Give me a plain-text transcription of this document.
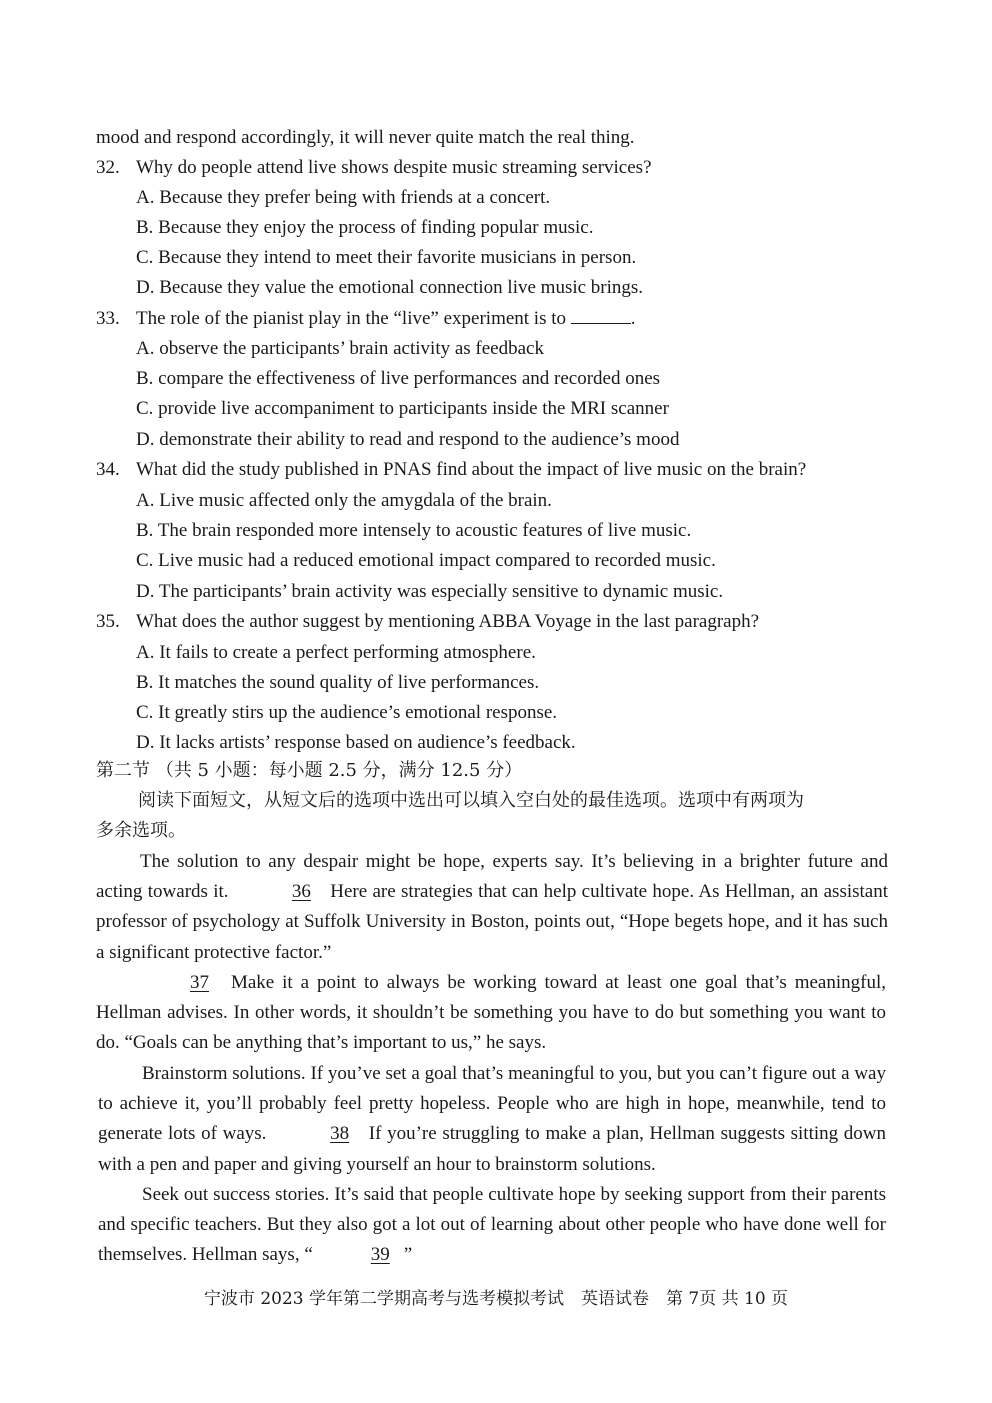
mood and respond accordingly, it will never quite match the real thing.
32. Why do people attend live shows despite music streaming services?
A. Because they prefer being with friends at a concert.
B. Because they enjoy the process of finding popular music.
C. Because they intend to meet their favorite musicians in person.
D. Because they value the emotional connection live music brings.
33. The role of the pianist play in the “live” experiment is to	.
A. observe the participants’ brain activity as feedback
B. compare the effectiveness of live performances and recorded ones
C. provide live accompaniment to participants inside the MRI scanner
D. demonstrate their ability to read and respond to the audience’s mood
34. What did the study published in PNAS find about the impact of live music on the brain?
A. Live music affected only the amygdala of the brain.
B. The brain responded more intensely to acoustic features of live music.
C. Live music had a reduced emotional impact compared to recorded music.
D. The participants’ brain activity was especially sensitive to dynamic music.
35. What does the author suggest by mentioning ABBA Voyage in the last paragraph?
A. It fails to create a perfect performing atmosphere.
B. It matches the sound quality of live performances.
C. It greatly stirs up the audience’s emotional response.
D. It lacks artists’ response based on audience’s feedback.
第二节 （共 5 小题：每小题 2.5 分，满分 12.5 分）
阅读下面短文，从短文后的选项中选出可以填入空白处的最佳选项。选项中有两项为
多余选项。
The solution to any despair might be hope, experts say. It’s believing in a brighter future and acting towards it.	36 Here are strategies that can help cultivate hope. As Hellman, an assistant professor of psychology at Suffolk University in Boston, points out, “Hope begets hope, and it has such a significant protective factor.”
37 Make it a point to always be working toward at least one goal that’s meaningful, Hellman advises. In other words, it shouldn’t be something you have to do but something you want to do. “Goals can be anything that’s important to us,” he says.
Brainstorm solutions. If you’ve set a goal that’s meaningful to you, but you can’t figure out a way to achieve it, you’ll probably feel pretty hopeless. People who are high in hope, meanwhile, tend to generate lots of ways.	38 If you’re struggling to make a plan, Hellman suggests sitting down with a pen and paper and giving yourself an hour to brainstorm solutions.
Seek out success stories. It’s said that people cultivate hope by seeking support from their parents and specific teachers. But they also got a lot out of learning about other people who have done well for themselves. Hellman says, “	39 ”
宁波市 2023 学年第二学期高考与选考模拟考试　英语试卷　第 7页 共 10 页
